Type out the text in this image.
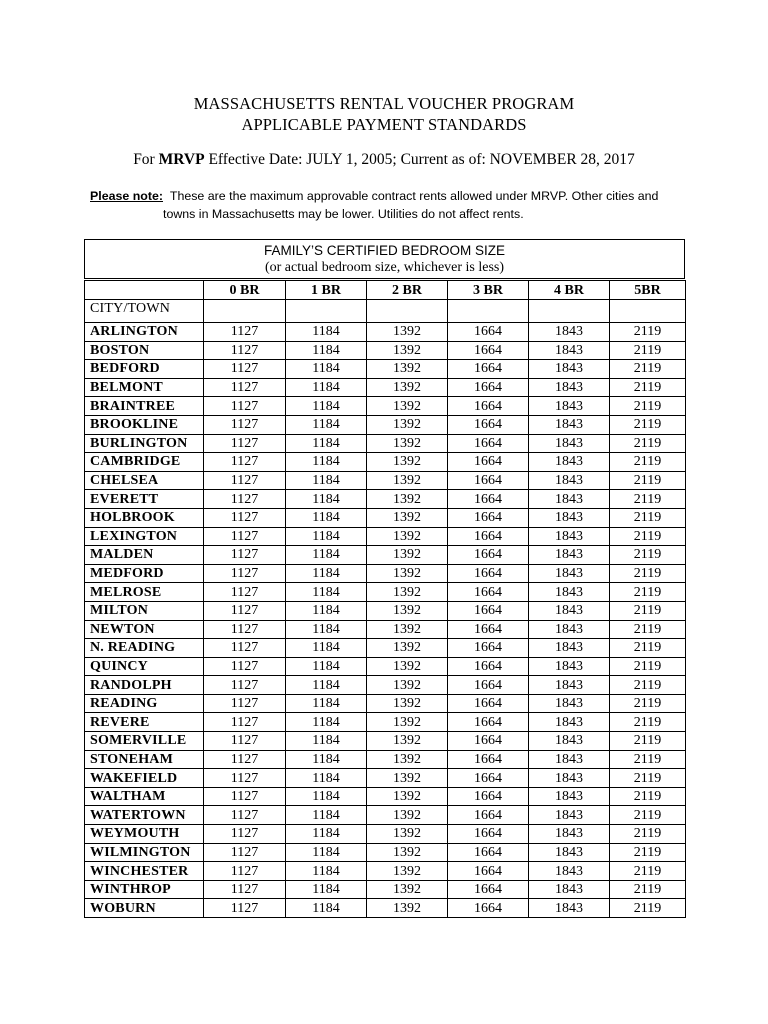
MASSACHUSETTS RENTAL VOUCHER PROGRAM
APPLICABLE PAYMENT STANDARDS
For MRVP Effective Date: JULY 1, 2005; Current as of: NOVEMBER 28, 2017
Please note: These are the maximum approvable contract rents allowed under MRVP. Other cities and
towns in Massachusetts may be lower. Utilities do not affect rents.
FAMILY’S CERTIFIED BEDROOM SIZE
(or actual bedroom size, whichever is less)
	0 BR	1 BR	2 BR	3 BR	4 BR	5BR
CITY/TOWN						
ARLINGTON	1127	1184	1392	1664	1843	2119
BOSTON	1127	1184	1392	1664	1843	2119
BEDFORD	1127	1184	1392	1664	1843	2119
BELMONT	1127	1184	1392	1664	1843	2119
BRAINTREE	1127	1184	1392	1664	1843	2119
BROOKLINE	1127	1184	1392	1664	1843	2119
BURLINGTON	1127	1184	1392	1664	1843	2119
CAMBRIDGE	1127	1184	1392	1664	1843	2119
CHELSEA	1127	1184	1392	1664	1843	2119
EVERETT	1127	1184	1392	1664	1843	2119
HOLBROOK	1127	1184	1392	1664	1843	2119
LEXINGTON	1127	1184	1392	1664	1843	2119
MALDEN	1127	1184	1392	1664	1843	2119
MEDFORD	1127	1184	1392	1664	1843	2119
MELROSE	1127	1184	1392	1664	1843	2119
MILTON	1127	1184	1392	1664	1843	2119
NEWTON	1127	1184	1392	1664	1843	2119
N. READING	1127	1184	1392	1664	1843	2119
QUINCY	1127	1184	1392	1664	1843	2119
RANDOLPH	1127	1184	1392	1664	1843	2119
READING	1127	1184	1392	1664	1843	2119
REVERE	1127	1184	1392	1664	1843	2119
SOMERVILLE	1127	1184	1392	1664	1843	2119
STONEHAM	1127	1184	1392	1664	1843	2119
WAKEFIELD	1127	1184	1392	1664	1843	2119
WALTHAM	1127	1184	1392	1664	1843	2119
WATERTOWN	1127	1184	1392	1664	1843	2119
WEYMOUTH	1127	1184	1392	1664	1843	2119
WILMINGTON	1127	1184	1392	1664	1843	2119
WINCHESTER	1127	1184	1392	1664	1843	2119
WINTHROP	1127	1184	1392	1664	1843	2119
WOBURN	1127	1184	1392	1664	1843	2119
